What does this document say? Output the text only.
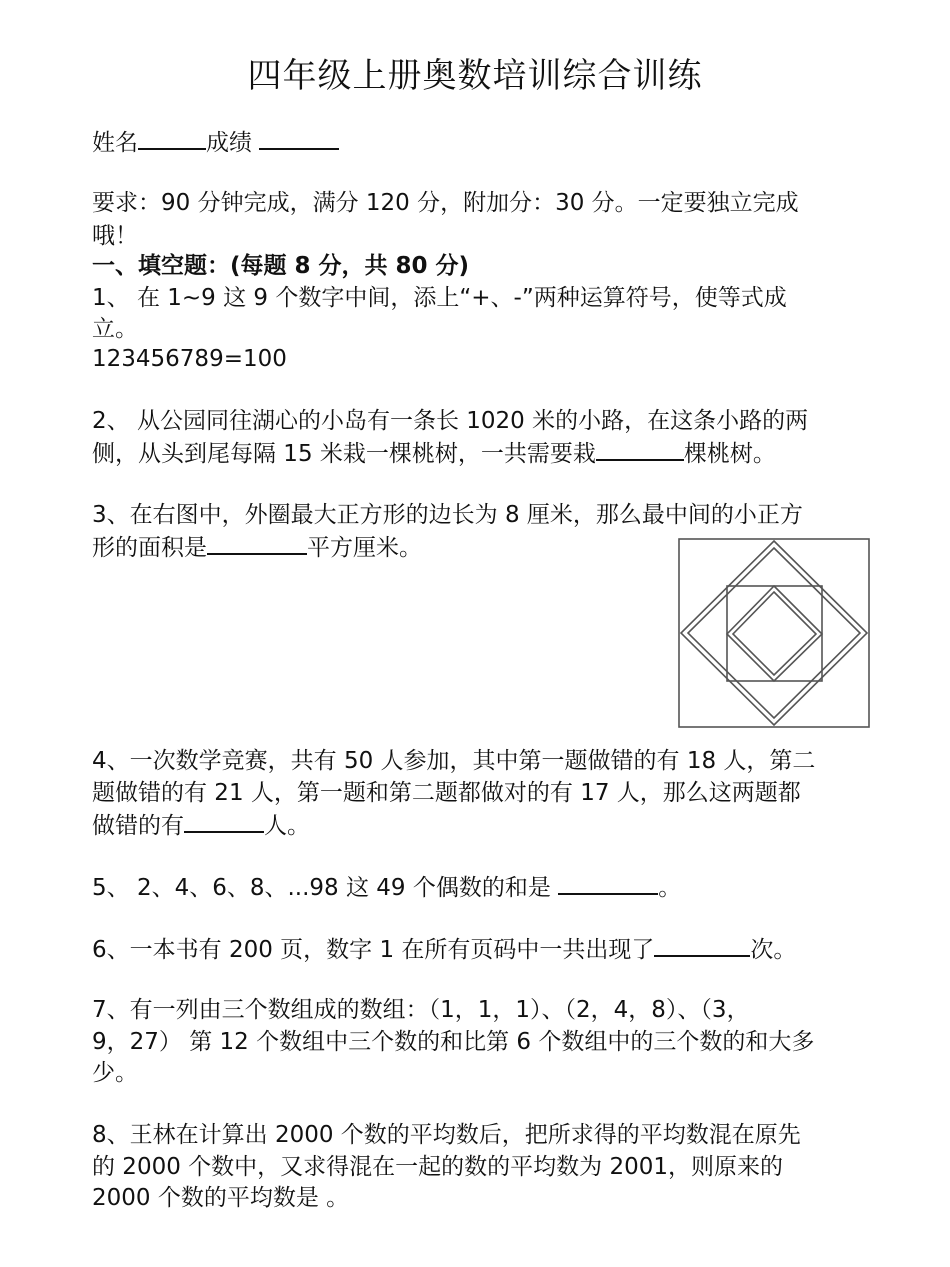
四年级上册奥数培训综合训练
姓名	成绩
要求：90 分钟完成，满分 120 分，附加分：30 分。一定要独立完成
哦！
一、填空题：(每题 8 分，共 80 分)
1、 在 1~9 这 9 个数字中间，添上“+、-”两种运算符号，使等式成
立。
123456789=100
2、 从公园同往湖心的小岛有一条长 1020 米的小路，在这条小路的两
侧，从头到尾每隔 15 米栽一棵桃树，一共需要栽	棵桃树。
3、在右图中，外圈最大正方形的边长为 8 厘米，那么最中间的小正方
形的面积是	平方厘米。
4、一次数学竞赛，共有 50 人参加，其中第一题做错的有 18 人，第二
题做错的有 21 人，第一题和第二题都做对的有 17 人，那么这两题都
做错的有	人。
5、 2、4、6、8、...98 这 49 个偶数的和是	。
6、一本书有 200 页，数字 1 在所有页码中一共出现了	次。
7、有一列由三个数组成的数组：（1，1，1）、（2，4，8）、（3，
9，27） 第 12 个数组中三个数的和比第 6 个数组中的三个数的和大多
少。
8、王林在计算出 2000 个数的平均数后，把所求得的平均数混在原先
的 2000 个数中，又求得混在一起的数的平均数为 2001，则原来的
2000 个数的平均数是 。
